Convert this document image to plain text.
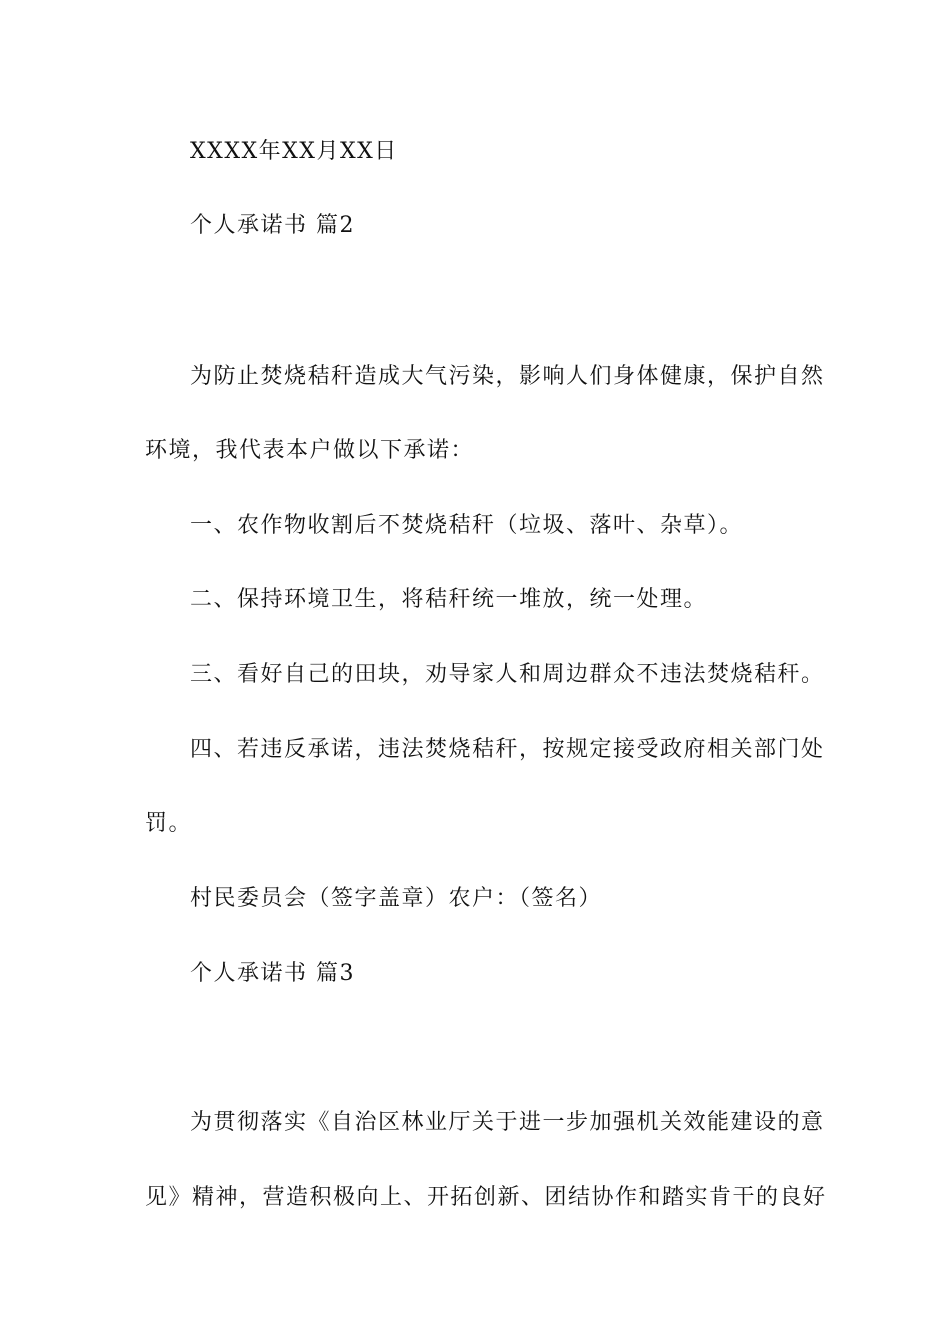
XXXX年XX月XX日
个人承诺书 篇2
为防止焚烧秸秆造成大气污染，影响人们身体健康，保护自然
环境，我代表本户做以下承诺：
一、农作物收割后不焚烧秸秆（垃圾、落叶、杂草）。
二、保持环境卫生，将秸秆统一堆放，统一处理。
三、看好自己的田块，劝导家人和周边群众不违法焚烧秸秆。
四、若违反承诺，违法焚烧秸秆，按规定接受政府相关部门处
罚。
村民委员会（签字盖章）农户：（签名）
个人承诺书 篇3
为贯彻落实《自治区林业厅关于进一步加强机关效能建设的意
见》精神，营造积极向上、开拓创新、团结协作和踏实肯干的良好
